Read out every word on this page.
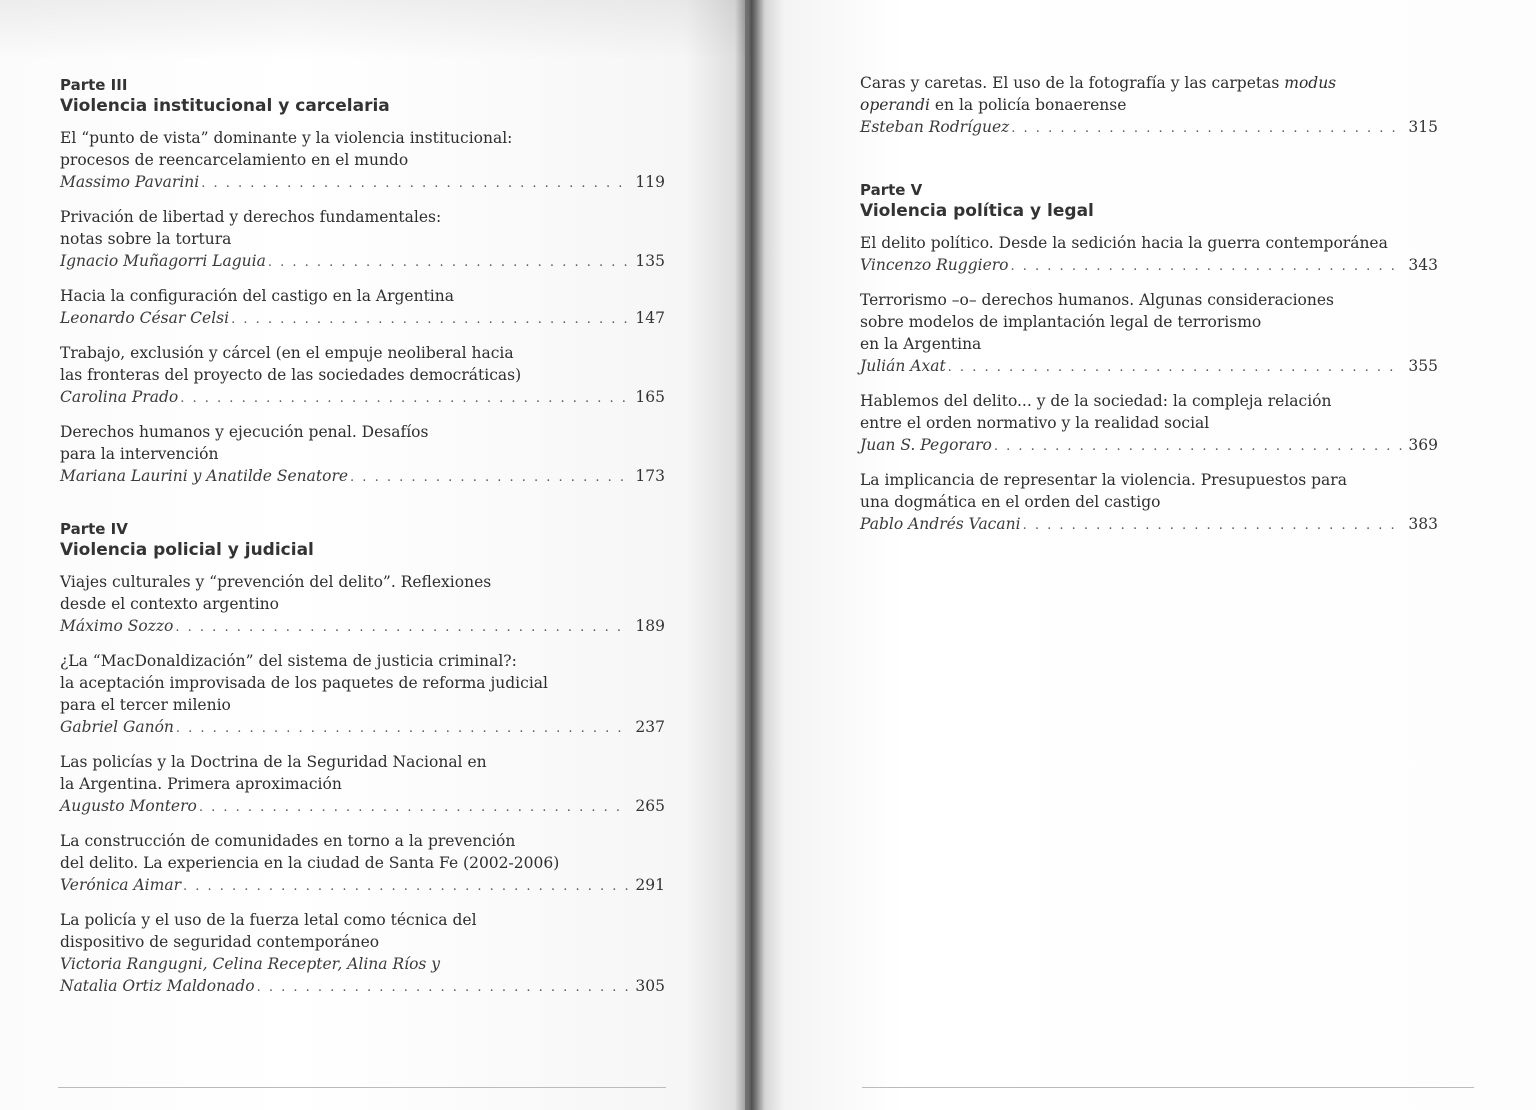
Parte III
Violencia institucional y carcelaria
El “punto de vista” dominante y la violencia institucional:
procesos de reencarcelamiento en el mundo
Massimo Pavarini . . .	119
Privación de libertad y derechos fundamentales:
notas sobre la tortura
Ignacio Muñagorri Laguia . . .	135
Hacia la configuración del castigo en la Argentina
Leonardo César Celsi . . .	147
Trabajo, exclusión y cárcel (en el empuje neoliberal hacia
las fronteras del proyecto de las sociedades democráticas)
Carolina Prado . . .	165
Derechos humanos y ejecución penal. Desafíos
para la intervención
Mariana Laurini y Anatilde Senatore . . .	173
Parte IV
Violencia policial y judicial
Viajes culturales y “prevención del delito”. Reflexiones
desde el contexto argentino
Máximo Sozzo . . .	189
¿La “MacDonaldización” del sistema de justicia criminal?:
la aceptación improvisada de los paquetes de reforma judicial
para el tercer milenio
Gabriel Ganón . . .	237
Las policías y la Doctrina de la Seguridad Nacional en
la Argentina. Primera aproximación
Augusto Montero . . .	265
La construcción de comunidades en torno a la prevención
del delito. La experiencia en la ciudad de Santa Fe (2002-2006)
Verónica Aimar . . .	291
La policía y el uso de la fuerza letal como técnica del
dispositivo de seguridad contemporáneo
Victoria Rangugni, Celina Recepter, Alina Ríos y
Natalia Ortiz Maldonado . . .	305
Caras y caretas. El uso de la fotografía y las carpetas modus
operandi en la policía bonaerense
Esteban Rodríguez . . .	315
Parte V
Violencia política y legal
El delito político. Desde la sedición hacia la guerra contemporánea
Vincenzo Ruggiero . . .	343
Terrorismo –o– derechos humanos. Algunas consideraciones
sobre modelos de implantación legal de terrorismo
en la Argentina
Julián Axat . . .	355
Hablemos del delito... y de la sociedad: la compleja relación
entre el orden normativo y la realidad social
Juan S. Pegoraro . . .	369
La implicancia de representar la violencia. Presupuestos para
una dogmática en el orden del castigo
Pablo Andrés Vacani . . .	383
